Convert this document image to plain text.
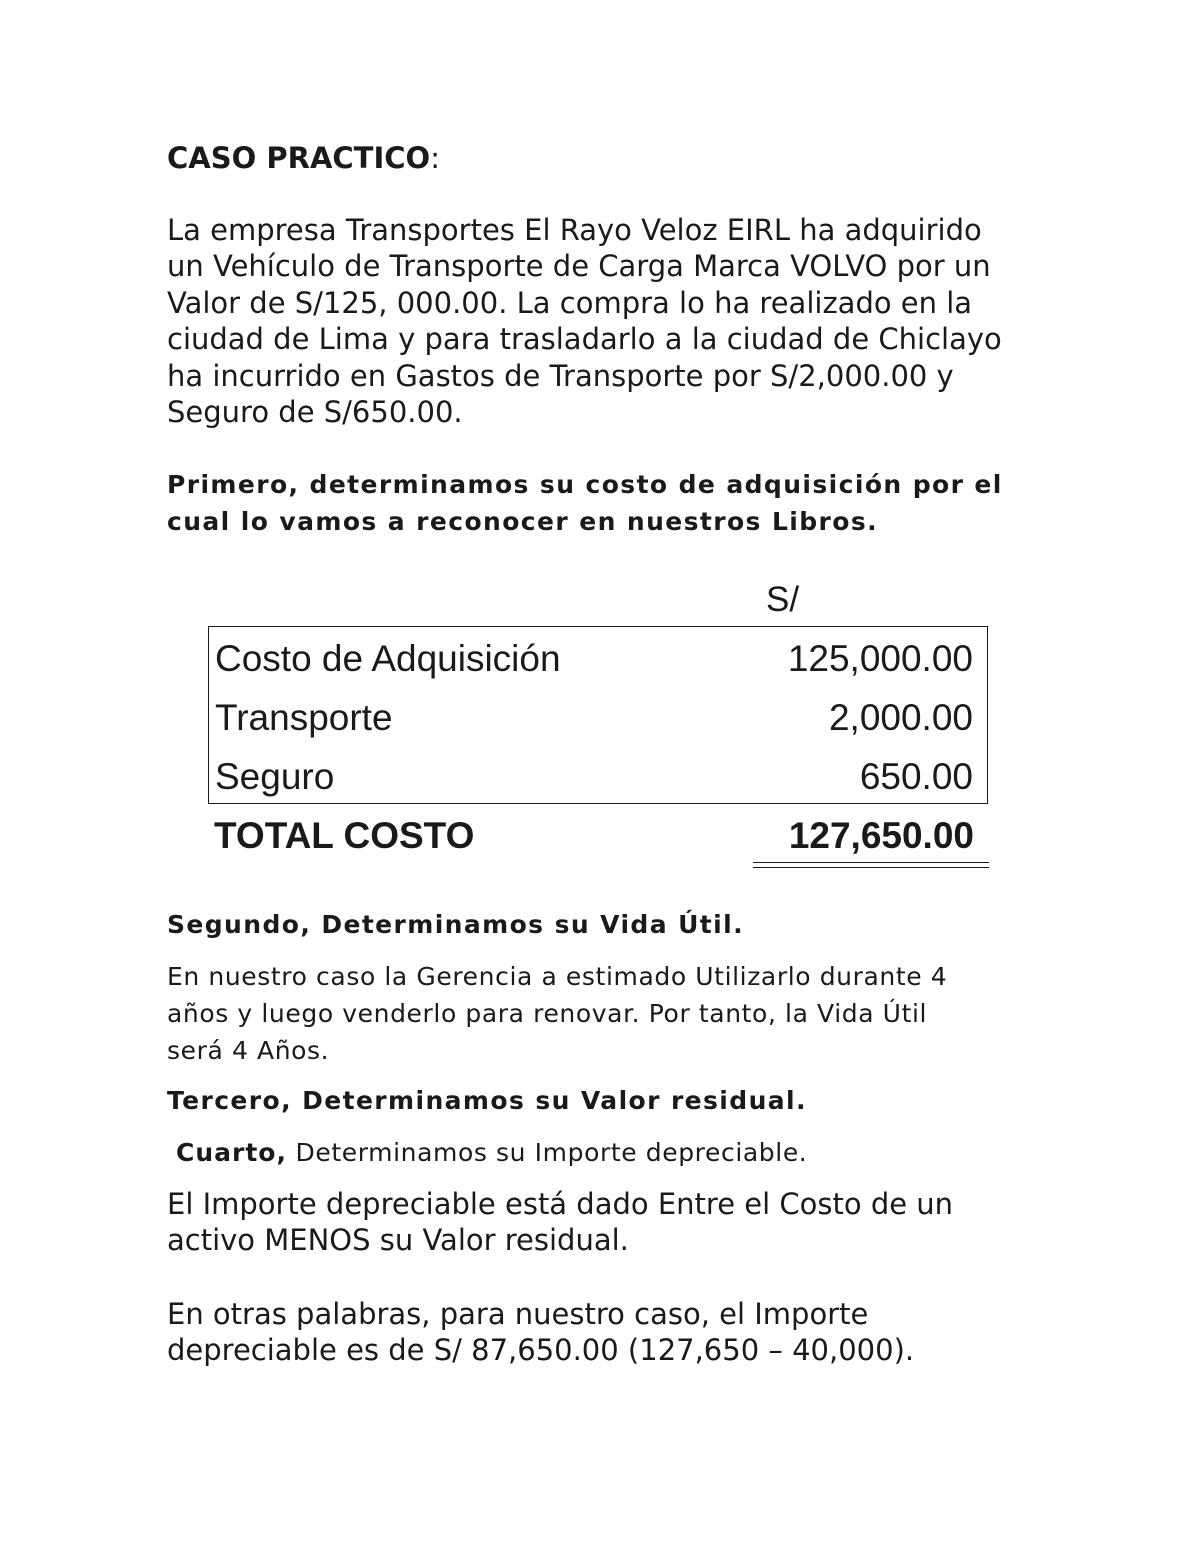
CASO PRACTICO:

La empresa Transportes El Rayo Veloz EIRL ha adquirido
un Vehículo de Transporte de Carga Marca VOLVO por un
Valor de S/125, 000.00. La compra lo ha realizado en la
ciudad de Lima y para trasladarlo a la ciudad de Chiclayo
ha incurrido en Gastos de Transporte por S/2,000.00 y
Seguro de S/650.00.

Primero, determinamos su costo de adquisición por el
cual lo vamos a reconocer en nuestros Libros.

S/
Costo de Adquisición	125,000.00
Transporte	2,000.00
Seguro	650.00
TOTAL COSTO	127,650.00

Segundo, Determinamos su Vida Útil.

En nuestro caso la Gerencia a estimado Utilizarlo durante 4
años y luego venderlo para renovar. Por tanto, la Vida Útil
será 4 Años.

Tercero, Determinamos su Valor residual.

Cuarto, Determinamos su Importe depreciable.

El Importe depreciable está dado Entre el Costo de un
activo MENOS su Valor residual.

En otras palabras, para nuestro caso, el Importe
depreciable es de S/ 87,650.00 (127,650 – 40,000).
